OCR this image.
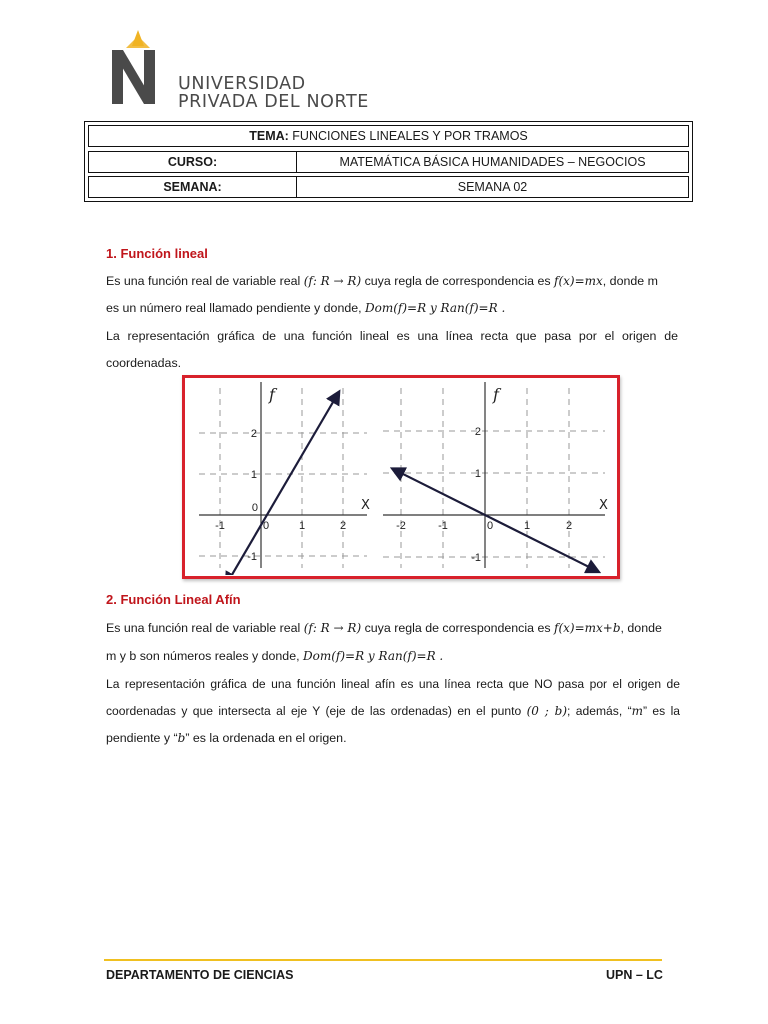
UNIVERSIDAD
PRIVADA DEL NORTE
TEMA:
FUNCIONES LINEALES Y POR TRAMOS
CURSO:	MATEMÁTICA BÁSICA HUMANIDADES – NEGOCIOS
SEMANA:	SEMANA 02
1. Función lineal
Es una función real de variable real (f: R → R) cuya regla de correspondencia es f(x)=mx, donde m
es un número real llamado pendiente y donde, Dom(f)=R y Ran(f)=R .
La representación gráfica de una función lineal es una línea recta que pasa por el origen de
coordenadas.
-1	0	1	2
2
1
0
-1
f
X
-2	-1	0	1	2
2
1
-1
f
X
2. Función Lineal Afín
Es una función real de variable real (f: R → R) cuya regla de correspondencia es f(x)=mx+b, donde
m y b son números reales y donde, Dom(f)=R y Ran(f)=R .
La representación gráfica de una función lineal afín es una línea recta que NO pasa por el origen de
coordenadas y que intersecta al eje Y (eje de las ordenadas) en el punto (0 ; b); además, “m” es la
pendiente y “b” es la ordenada en el origen.
DEPARTAMENTO DE CIENCIAS	UPN – LC
